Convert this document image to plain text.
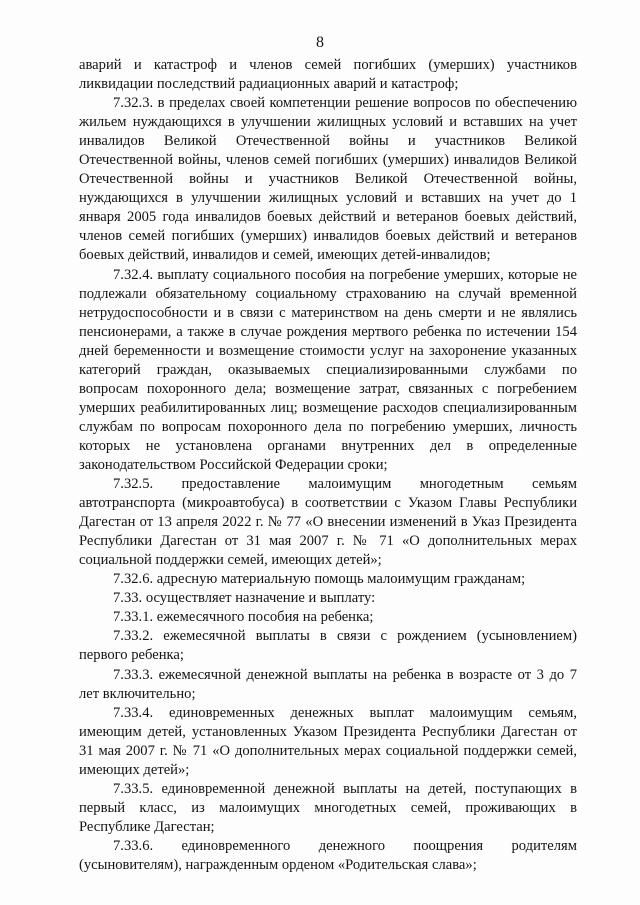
8

аварий и катастроф и членов семей погибших (умерших) участников ликвидации последствий радиационных аварий и катастроф;

7.32.3. в пределах своей компетенции решение вопросов по обеспечению жильем нуждающихся в улучшении жилищных условий и вставших на учет инвалидов Великой Отечественной войны и участников Великой Отечественной войны, членов семей погибших (умерших) инвалидов Великой Отечественной войны и участников Великой Отечественной войны, нуждающихся в улучшении жилищных условий и вставших на учет до 1 января 2005 года инвалидов боевых действий и ветеранов боевых действий, членов семей погибших (умерших) инвалидов боевых действий и ветеранов боевых действий, инвалидов и семей, имеющих детей-инвалидов;

7.32.4. выплату социального пособия на погребение умерших, которые не подлежали обязательному социальному страхованию на случай временной нетрудоспособности и в связи с материнством на день смерти и не являлись пенсионерами, а также в случае рождения мертвого ребенка по истечении 154 дней беременности и возмещение стоимости услуг на захоронение указанных категорий граждан, оказываемых специализированными службами по вопросам похоронного дела; возмещение затрат, связанных с погребением умерших реабилитированных лиц; возмещение расходов специализированным службам по вопросам похоронного дела по погребению умерших, личность которых не установлена органами внутренних дел в определенные законодательством Российской Федерации сроки;

7.32.5. предоставление малоимущим многодетным семьям автотранспорта (микроавтобуса) в соответствии с Указом Главы Республики Дагестан от 13 апреля 2022 г. № 77 «О внесении изменений в Указ Президента Республики Дагестан от 31 мая 2007 г. № 71 «О дополнительных мерах социальной поддержки семей, имеющих детей»;

7.32.6. адресную материальную помощь малоимущим гражданам;

7.33. осуществляет назначение и выплату:

7.33.1. ежемесячного пособия на ребенка;

7.33.2. ежемесячной выплаты в связи с рождением (усыновлением) первого ребенка;

7.33.3. ежемесячной денежной выплаты на ребенка в возрасте от 3 до 7 лет включительно;

7.33.4. единовременных денежных выплат малоимущим семьям, имеющим детей, установленных Указом Президента Республики Дагестан от 31 мая 2007 г. № 71 «О дополнительных мерах социальной поддержки семей, имеющих детей»;

7.33.5. единовременной денежной выплаты на детей, поступающих в первый класс, из малоимущих многодетных семей, проживающих в Республике Дагестан;

7.33.6. единовременного денежного поощрения родителям (усыновителям), награжденным орденом «Родительская слава»;
